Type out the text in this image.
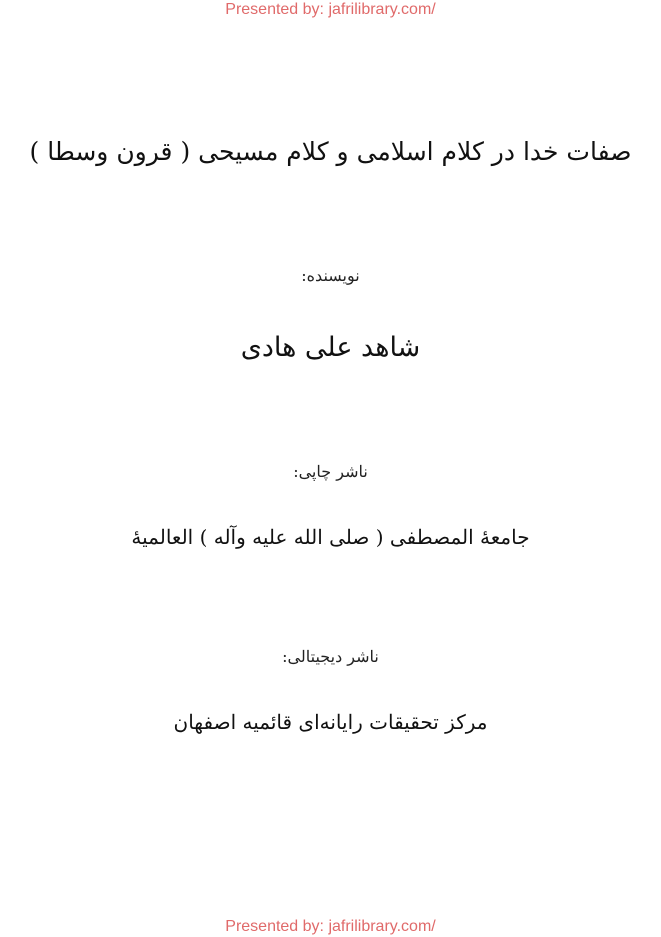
Presented by: jafrilibrary.com/
صفات خدا در کلام اسلامی و کلام مسیحی ( قرون وسطا )
نویسنده:
شاهد علی هادی
ناشر چاپی:
جامعهٔ المصطفی ( صلی الله علیه وآله ) العالمیهٔ
ناشر دیجیتالی:
مرکز تحقیقات رایانه‌ای قائمیه اصفهان
Presented by: jafrilibrary.com/
